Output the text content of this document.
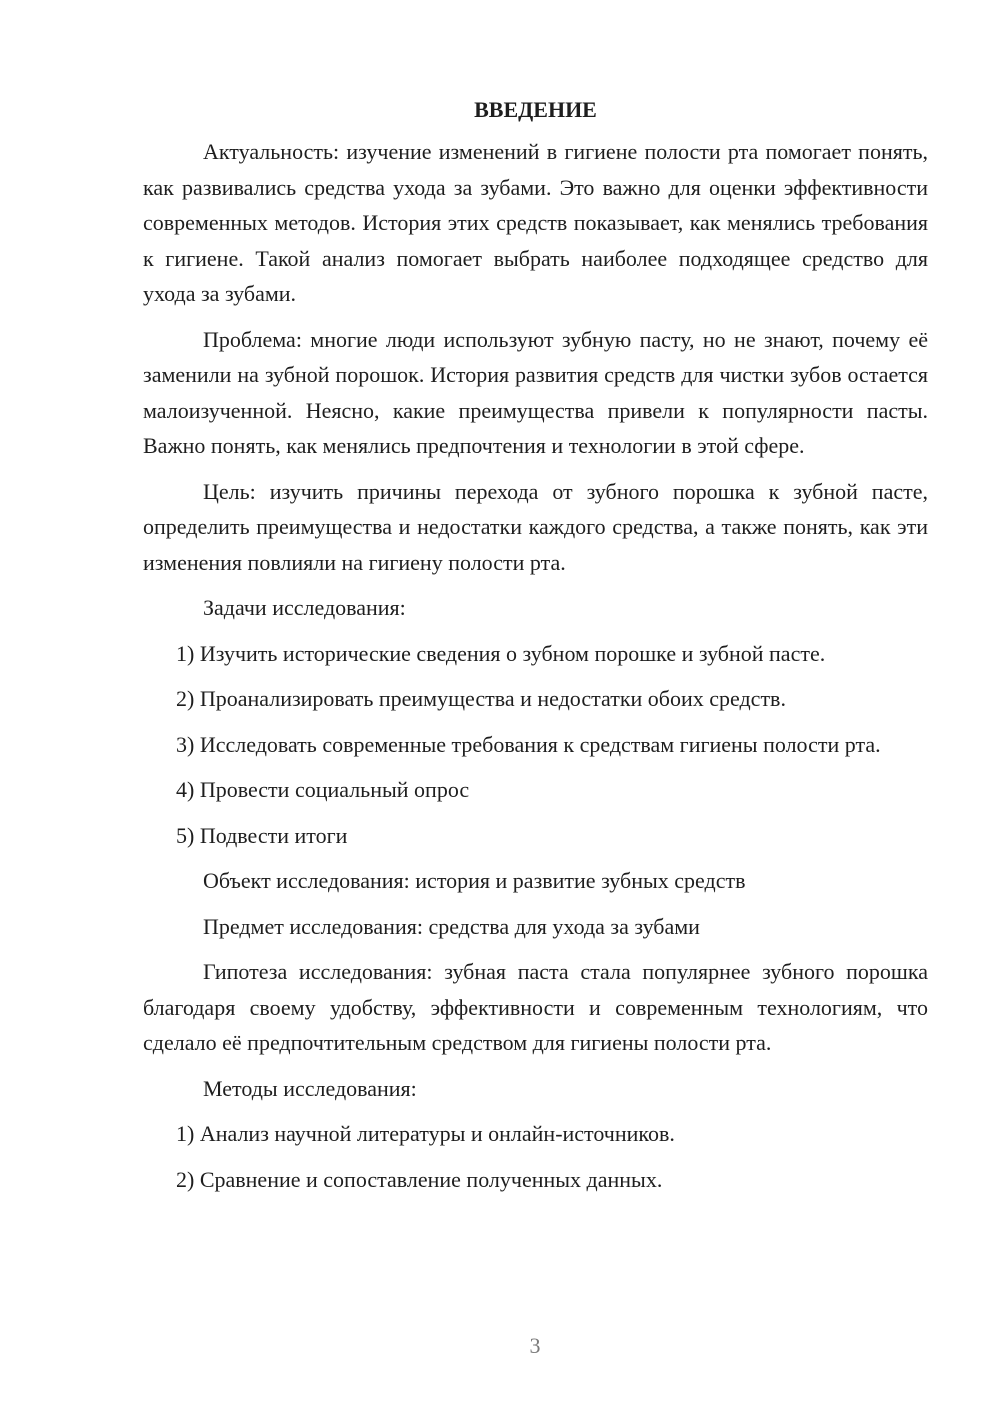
ВВЕДЕНИЕ

Актуальность: изучение изменений в гигиене полости рта помогает понять, как развивались средства ухода за зубами. Это важно для оценки эффективности современных методов. История этих средств показывает, как менялись требования к гигиене. Такой анализ помогает выбрать наиболее подходящее средство для ухода за зубами.

Проблема: многие люди используют зубную пасту, но не знают, почему её заменили на зубной порошок. История развития средств для чистки зубов остается малоизученной. Неясно, какие преимущества привели к популярности пасты. Важно понять, как менялись предпочтения и технологии в этой сфере.

Цель: изучить причины перехода от зубного порошка к зубной пасте, определить преимущества и недостатки каждого средства, а также понять, как эти изменения повлияли на гигиену полости рта.

Задачи исследования:

1) Изучить исторические сведения о зубном порошке и зубной пасте.

2) Проанализировать преимущества и недостатки обоих средств.

3) Исследовать современные требования к средствам гигиены полости рта.

4) Провести социальный опрос

5) Подвести итоги

Объект исследования: история и развитие зубных средств

Предмет исследования: средства для ухода за зубами

Гипотеза исследования: зубная паста стала популярнее зубного порошка благодаря своему удобству, эффективности и современным технологиям, что сделало её предпочтительным средством для гигиены полости рта.

Методы исследования:

1) Анализ научной литературы и онлайн-источников.

2) Сравнение и сопоставление полученных данных.

3
